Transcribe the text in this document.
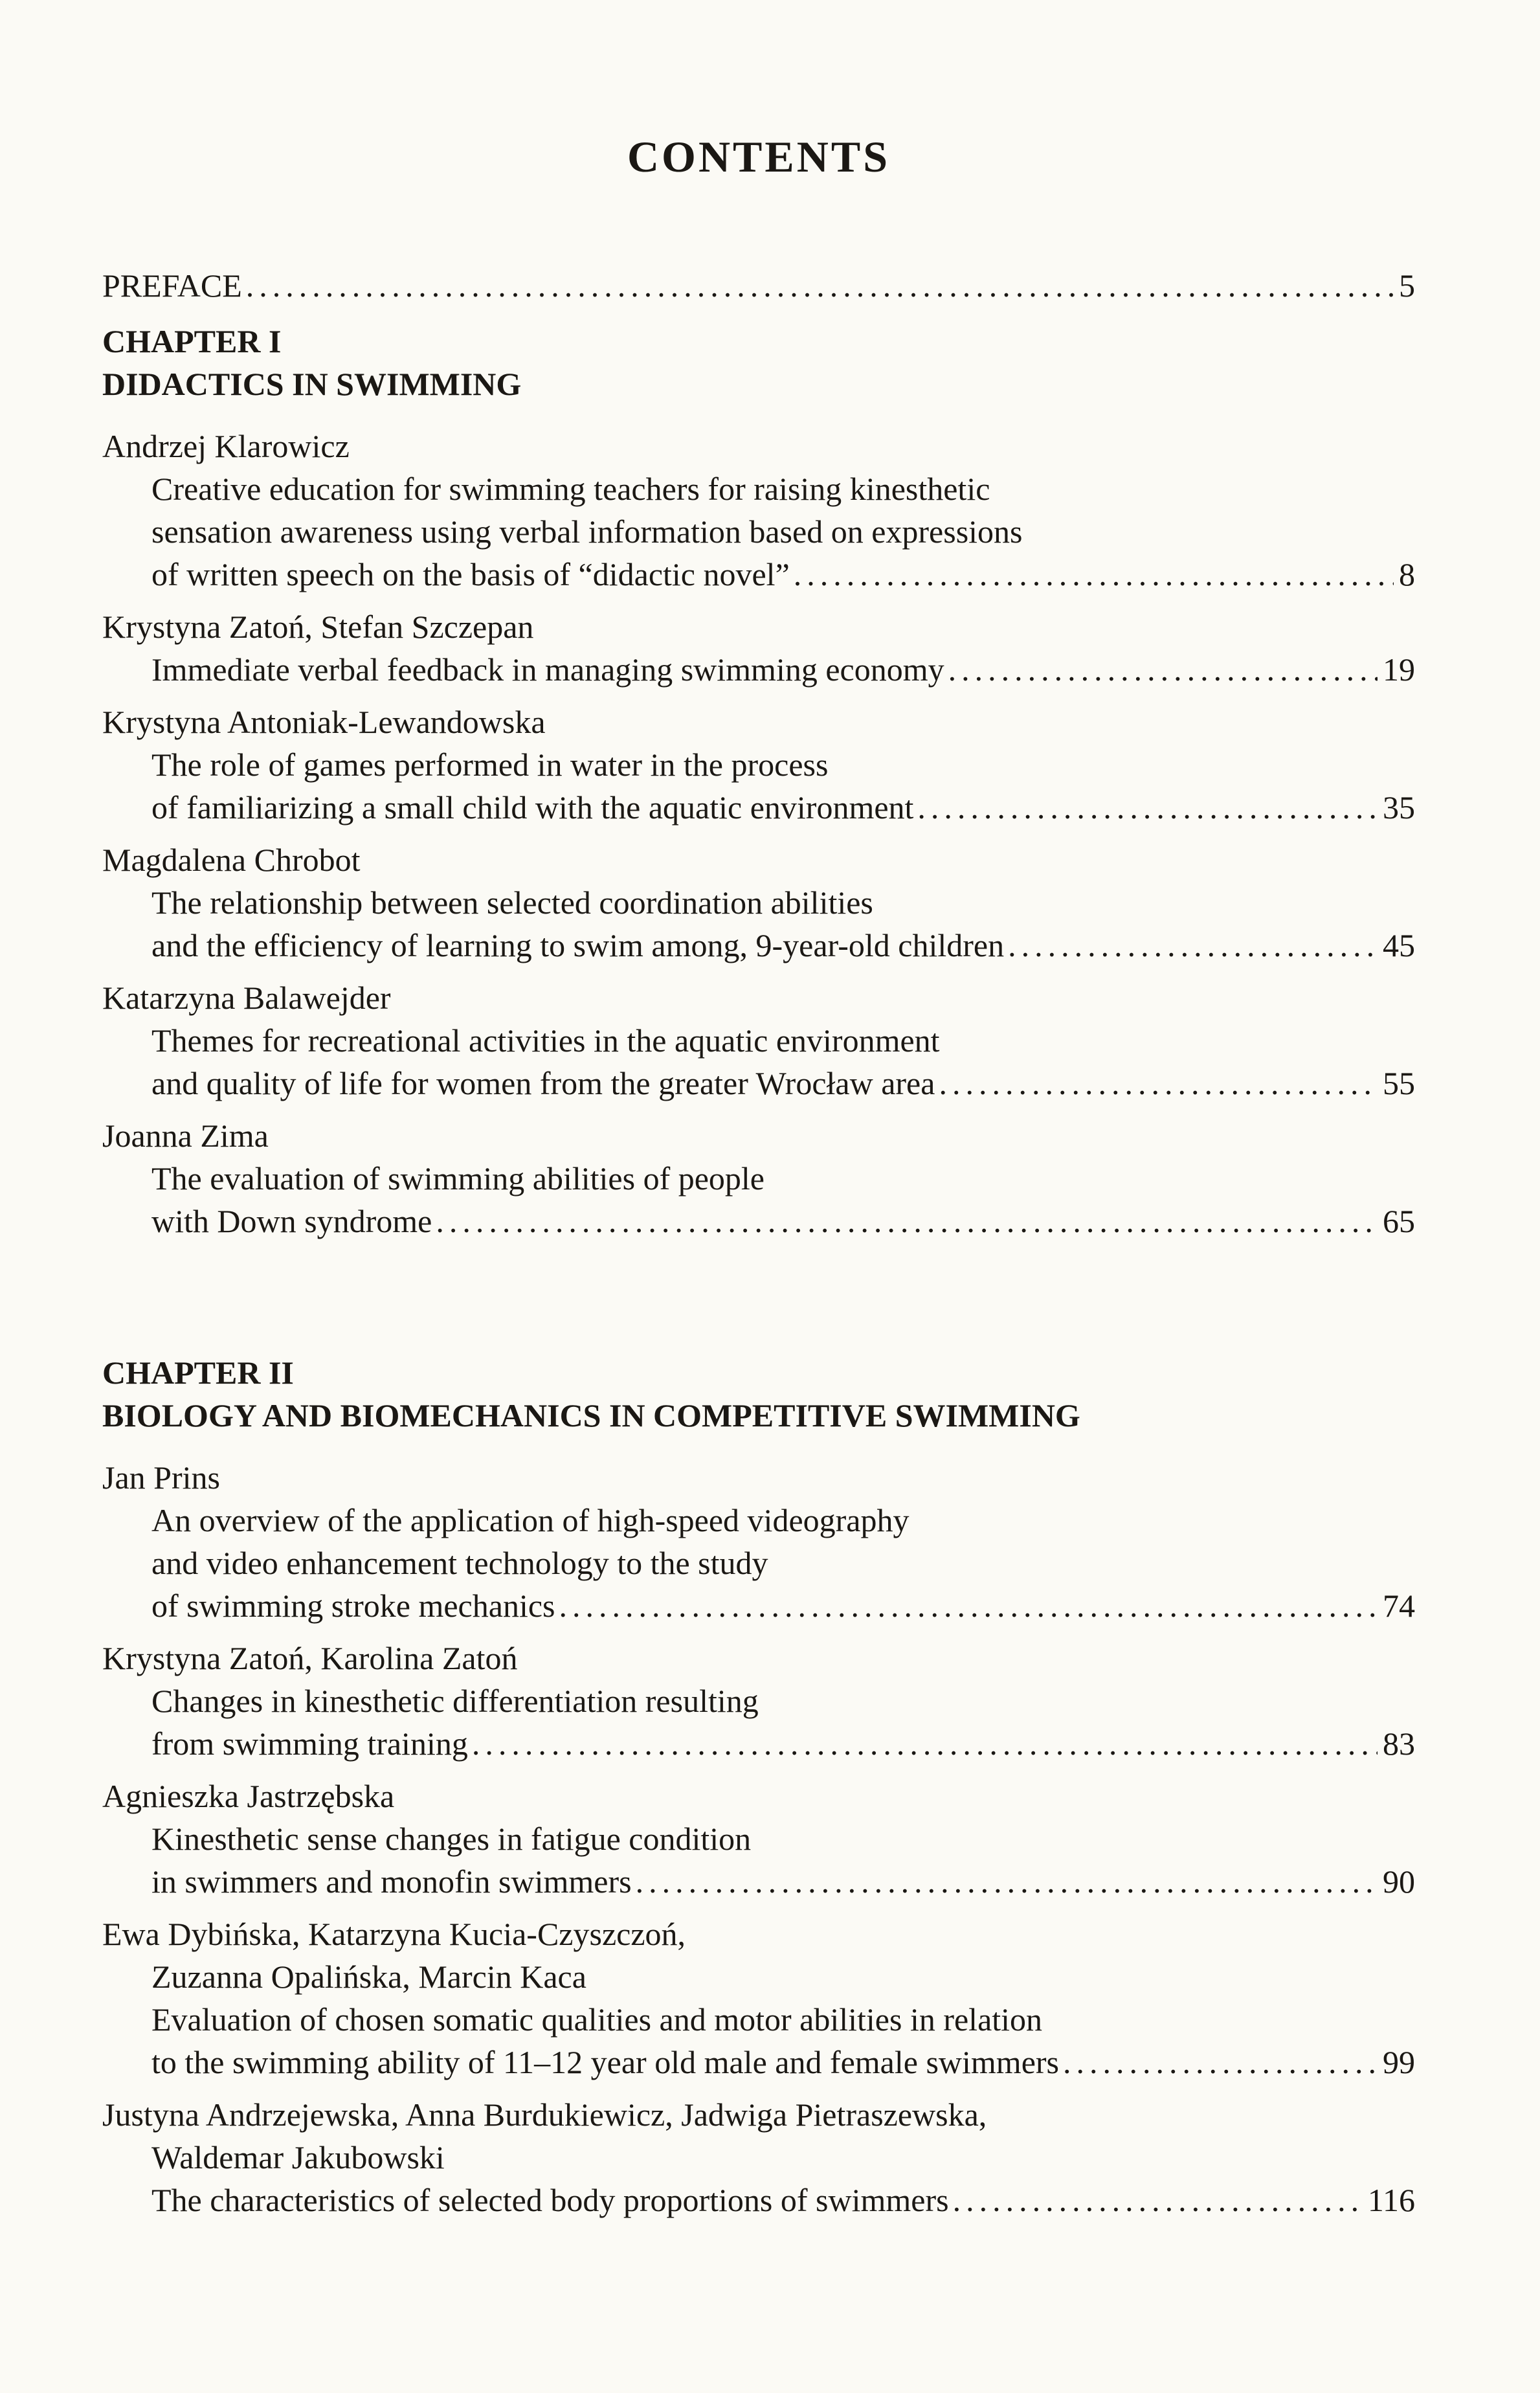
CONTENTS
PREFACE .....	5
CHAPTER I
DIDACTICS IN SWIMMING
Andrzej Klarowicz
Creative education for swimming teachers for raising kinesthetic
sensation awareness using verbal information based on expressions
of written speech on the basis of “didactic novel” .....	8
Krystyna Zatoń, Stefan Szczepan
Immediate verbal feedback in managing swimming economy .....	19
Krystyna Antoniak-Lewandowska
The role of games performed in water in the process
of familiarizing a small child with the aquatic environment .....	35
Magdalena Chrobot
The relationship between selected coordination abilities
and the efficiency of learning to swim among, 9-year-old children .....	45
Katarzyna Balawejder
Themes for recreational activities in the aquatic environment
and quality of life for women from the greater Wrocław area .....	55
Joanna Zima
The evaluation of swimming abilities of people
with Down syndrome .....	65
CHAPTER II
BIOLOGY AND BIOMECHANICS IN COMPETITIVE SWIMMING
Jan Prins
An overview of the application of high-speed videography
and video enhancement technology to the study
of swimming stroke mechanics .....	74
Krystyna Zatoń, Karolina Zatoń
Changes in kinesthetic differentiation resulting
from swimming training .....	83
Agnieszka Jastrzębska
Kinesthetic sense changes in fatigue condition
in swimmers and monofin swimmers .....	90
Ewa Dybińska, Katarzyna Kucia-Czyszczoń,
Zuzanna Opalińska, Marcin Kaca
Evaluation of chosen somatic qualities and motor abilities in relation
to the swimming ability of 11–12 year old male and female swimmers .....	99
Justyna Andrzejewska, Anna Burdukiewicz, Jadwiga Pietraszewska,
Waldemar Jakubowski
The characteristics of selected body proportions of swimmers .....	116
